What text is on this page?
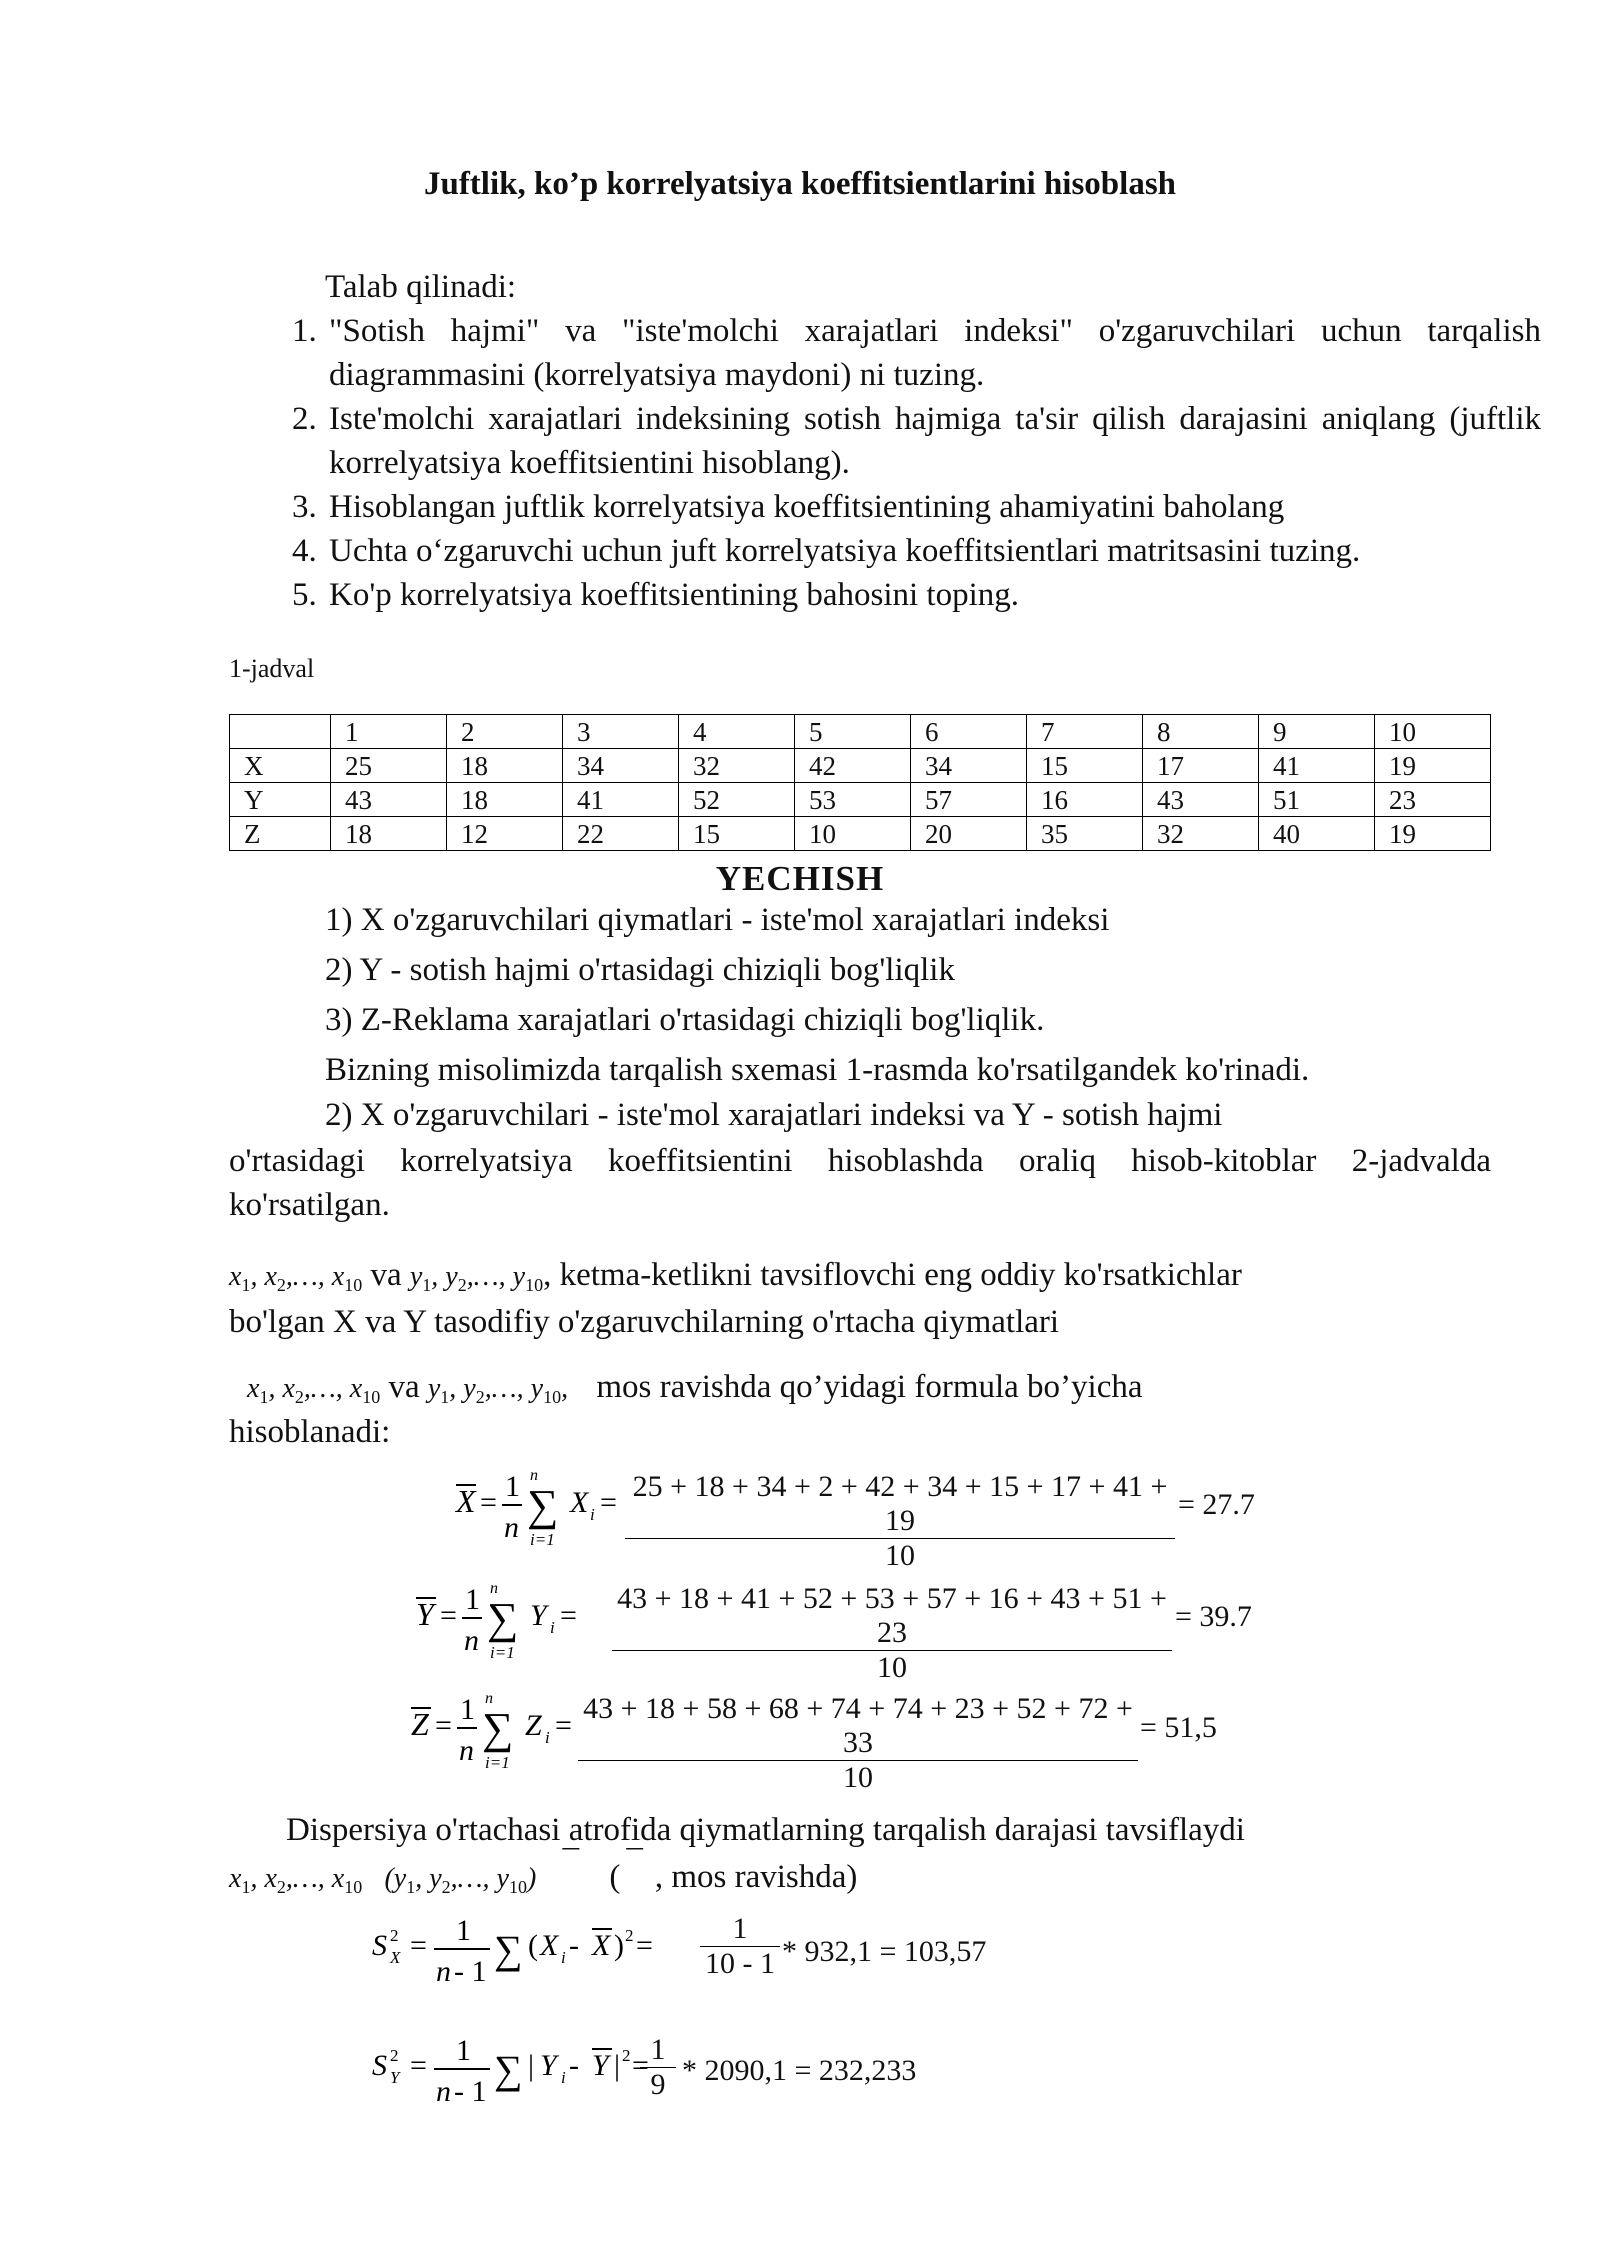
Juftlik, ko’p korrelyatsiya koeffitsientlarini hisoblash
Talab qilinadi:
1. "Sotish hajmi" va "iste'molchi xarajatlari indeksi" o'zgaruvchilari uchun tarqalish diagrammasini (korrelyatsiya maydoni) ni tuzing.
2. Iste'molchi xarajatlari indeksining sotish hajmiga ta'sir qilish darajasini aniqlang (juftlik korrelyatsiya koeffitsientini hisoblang).
3. Hisoblangan juftlik korrelyatsiya koeffitsientining ahamiyatini baholang
4. Uchta o‘zgaruvchi uchun juft korrelyatsiya koeffitsientlari matritsasini tuzing.
5. Ko'p korrelyatsiya koeffitsientining bahosini toping.
1-jadval
	1	2	3	4	5	6	7	8	9	10
X	25	18	34	32	42	34	15	17	41	19
Y	43	18	41	52	53	57	16	43	51	23
Z	18	12	22	15	10	20	35	32	40	19
YECHISH
1) X o'zgaruvchilari qiymatlari - iste'mol xarajatlari indeksi
2) Y - sotish hajmi o'rtasidagi chiziqli bog'liqlik
3) Z-Reklama xarajatlari o'rtasidagi chiziqli bog'liqlik.
Bizning misolimizda tarqalish sxemasi 1-rasmda ko'rsatilgandek ko'rinadi.
2) X o'zgaruvchilari - iste'mol xarajatlari indeksi va Y - sotish hajmi
o'rtasidagi korrelyatsiya koeffitsientini hisoblashda oraliq hisob-kitoblar 2-jadvalda ko'rsatilgan.
$x_1$, $x_2,\dots$, $x_{10}$ va $y_1$, $y_2,\dots$, $y_{10}$, ketma-ketlikni tavsiflovchi eng oddiy ko'rsatkichlar
bo'lgan X va Y tasodifiy o'zgaruvchilarning o'rtacha qiymatlari
$x_1$, $x_2,\dots$, $x_{10}$ va $y_1$, $y_2,\dots$, $y_{10}$, mos ravishda qo’yidagi formula bo’yicha
hisoblanadi:
X = 1
n
n
∑
i=1
X $i = \frac{25 + 18 + 34 + 2 + 42 + 34 + 15 + 17 + 41 + 19}{10} = 27.7$
Y = 1
n
n
∑
i=1
Y $i = \frac{43 + 18 + 41 + 52 + 53 + 57 + 16 + 43 + 51 + 23}{10} = 39.7$
Z = 1
n
n
∑
i=1
Z $i = \frac{43 + 18 + 58 + 68 + 74 + 74 + 23 + 52 + 72 + 33}{10} = 51,5$
Dispersiya o'rtachasi atrofida qiymatlarning tarqalish darajasi tavsiflaydi
$x_1$, $x_2,\dots$, $x_{10}$ ($y_1$, $y_2,\dots$, $y_{10}$) ¯ ( ¯ , mos ravishda)
S 2
X = 1
n - 1 ∑ ( X i - X ) $2 = \frac{1}{10 - 1} * 932,1 = 103,57$
S 2
Y = 1
n - 1 ∑ | Y i - Y | 2 =
$\frac{1}{9} * 2090,1 = 232,233$
